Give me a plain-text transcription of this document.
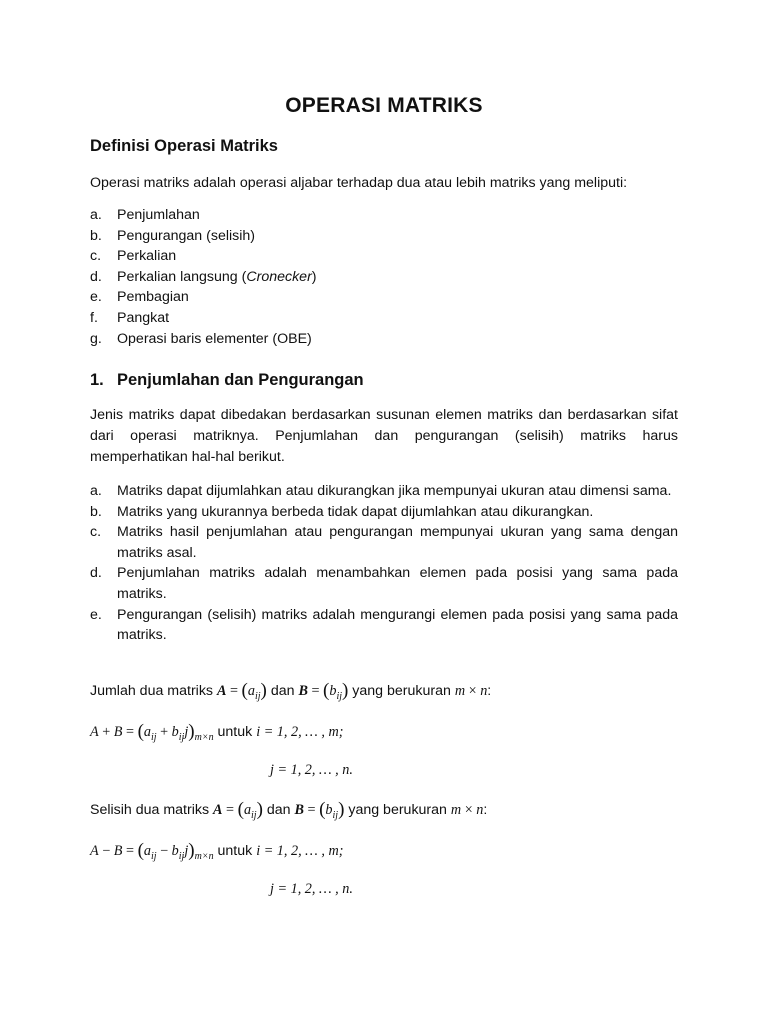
OPERASI MATRIKS
Definisi Operasi Matriks
Operasi matriks adalah operasi aljabar terhadap dua atau lebih matriks yang meliputi:
a. Penjumlahan
b. Pengurangan (selisih)
c. Perkalian
d. Perkalian langsung (Cronecker)
e. Pembagian
f. Pangkat
g. Operasi baris elementer (OBE)
1. Penjumlahan dan Pengurangan
Jenis matriks dapat dibedakan berdasarkan susunan elemen matriks dan berdasarkan sifat dari operasi matriknya. Penjumlahan dan pengurangan (selisih) matriks harus memperhatikan hal-hal berikut.
a. Matriks dapat dijumlahkan atau dikurangkan jika mempunyai ukuran atau dimensi sama.
b. Matriks yang ukurannya berbeda tidak dapat dijumlahkan atau dikurangkan.
c. Matriks hasil penjumlahan atau pengurangan mempunyai ukuran yang sama dengan matriks asal.
d. Penjumlahan matriks adalah menambahkan elemen pada posisi yang sama pada matriks.
e. Pengurangan (selisih) matriks adalah mengurangi elemen pada posisi yang sama pada matriks.
Jumlah dua matriks $A = (a_{ij})$ dan $B = (b_{ij})$ yang berukuran m × n:
$A + B = (a_{ij} + b_{ij}j)_{m\times n}$ untuk i = 1, 2, … , m;
j = 1, 2, … , n.
Selisih dua matriks $A = (a_{ij})$ dan $B = (b_{ij})$ yang berukuran m × n:
$A - B = (a_{ij} - b_{ij}j)_{m\times n}$ untuk i = 1, 2, … , m;
j = 1, 2, … , n.
